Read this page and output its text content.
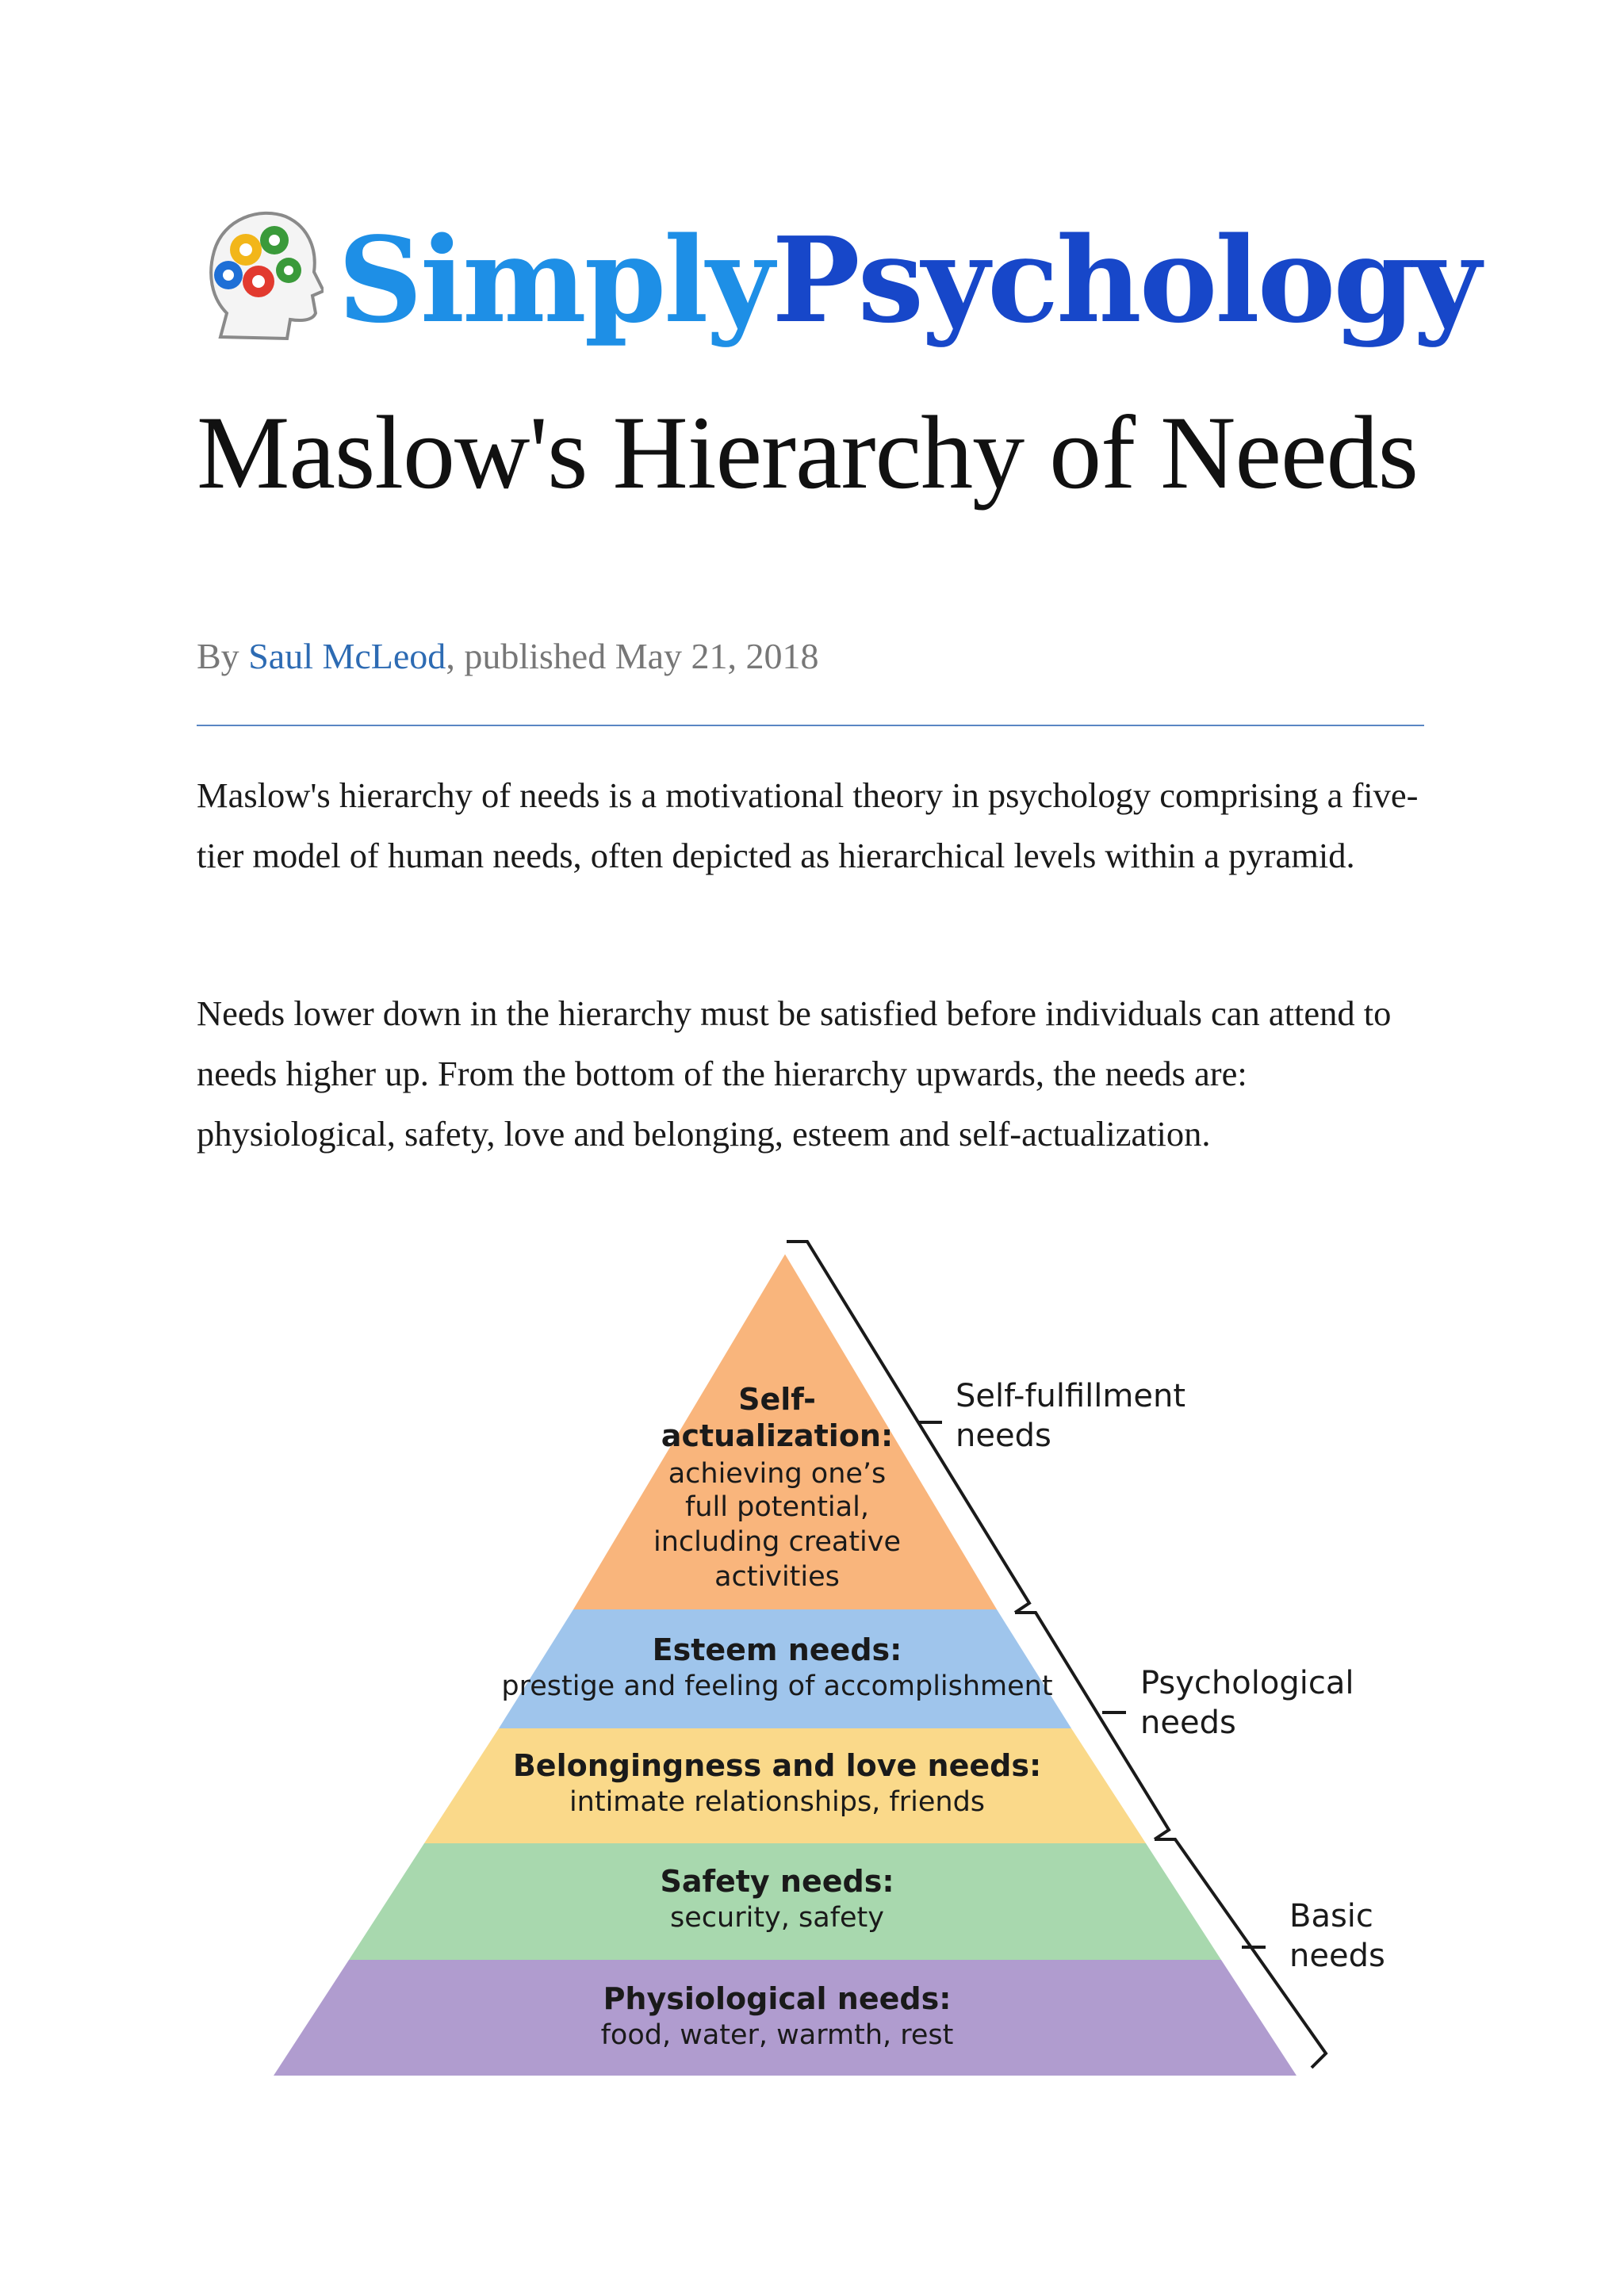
SimplyPsychology
Maslow's Hierarchy of Needs
By Saul McLeod, published May 21, 2018

Maslow's hierarchy of needs is a motivational theory in psychology comprising a five-tier model of human needs, often depicted as hierarchical levels within a pyramid.

Needs lower down in the hierarchy must be satisfied before individuals can attend to needs higher up. From the bottom of the hierarchy upwards, the needs are: physiological, safety, love and belonging, esteem and self-actualization.

Self-
actualization:
achieving one’s
full potential,
including creative
activities
Esteem needs:
prestige and feeling of accomplishment
Belongingness and love needs:
intimate relationships, friends
Safety needs:
security, safety
Physiological needs:
food, water, warmth, rest
Self-fulfillment
needs
Psychological
needs
Basic
needs
